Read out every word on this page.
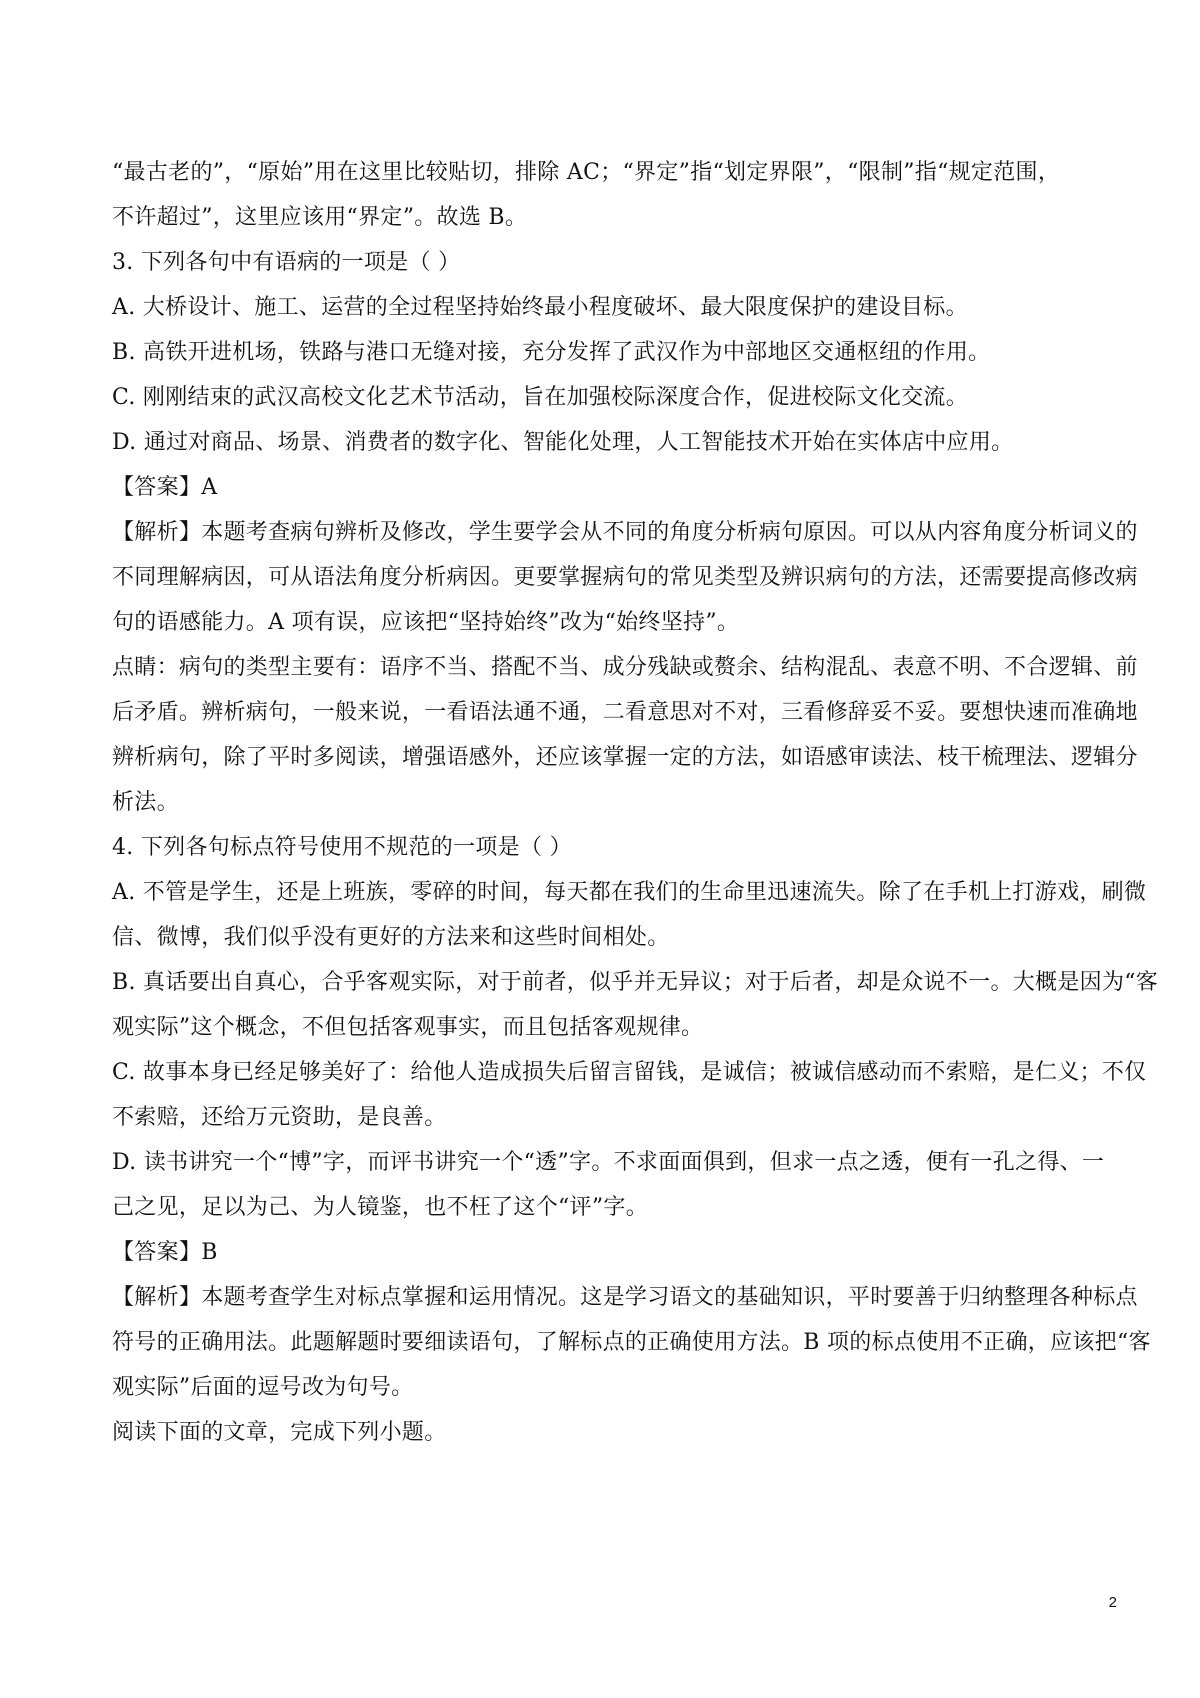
“最古老的”，“原始”用在这里比较贴切，排除 AC；“界定”指“划定界限”，“限制”指“规定范围，
不许超过”，这里应该用“界定”。故选 B。
3. 下列各句中有语病的一项是（ ）
A. 大桥设计、施工、运营的全过程坚持始终最小程度破坏、最大限度保护的建设目标。
B. 高铁开进机场，铁路与港口无缝对接，充分发挥了武汉作为中部地区交通枢纽的作用。
C. 刚刚结束的武汉高校文化艺术节活动，旨在加强校际深度合作，促进校际文化交流。
D. 通过对商品、场景、消费者的数字化、智能化处理，人工智能技术开始在实体店中应用。
【答案】A
【解析】本题考查病句辨析及修改，学生要学会从不同的角度分析病句原因。可以从内容角度分析词义的
不同理解病因，可从语法角度分析病因。更要掌握病句的常见类型及辨识病句的方法，还需要提高修改病
句的语感能力。A 项有误，应该把“坚持始终”改为“始终坚持”。
点睛：病句的类型主要有：语序不当、搭配不当、成分残缺或赘余、结构混乱、表意不明、不合逻辑、前
后矛盾。辨析病句，一般来说，一看语法通不通，二看意思对不对，三看修辞妥不妥。要想快速而准确地
辨析病句，除了平时多阅读，增强语感外，还应该掌握一定的方法，如语感审读法、枝干梳理法、逻辑分
析法。
4. 下列各句标点符号使用不规范的一项是（ ）
A. 不管是学生，还是上班族，零碎的时间，每天都在我们的生命里迅速流失。除了在手机上打游戏，刷微
信、微博，我们似乎没有更好的方法来和这些时间相处。
B. 真话要出自真心，合乎客观实际，对于前者，似乎并无异议；对于后者，却是众说不一。大概是因为“客
观实际”这个概念，不但包括客观事实，而且包括客观规律。
C. 故事本身已经足够美好了：给他人造成损失后留言留钱，是诚信；被诚信感动而不索赔，是仁义；不仅
不索赔，还给万元资助，是良善。
D. 读书讲究一个“博”字，而评书讲究一个“透”字。不求面面俱到，但求一点之透，便有一孔之得、一
己之见，足以为己、为人镜鉴，也不枉了这个“评”字。
【答案】B
【解析】本题考查学生对标点掌握和运用情况。这是学习语文的基础知识，平时要善于归纳整理各种标点
符号的正确用法。此题解题时要细读语句，了解标点的正确使用方法。B 项的标点使用不正确，应该把“客
观实际”后面的逗号改为句号。
阅读下面的文章，完成下列小题。
2
